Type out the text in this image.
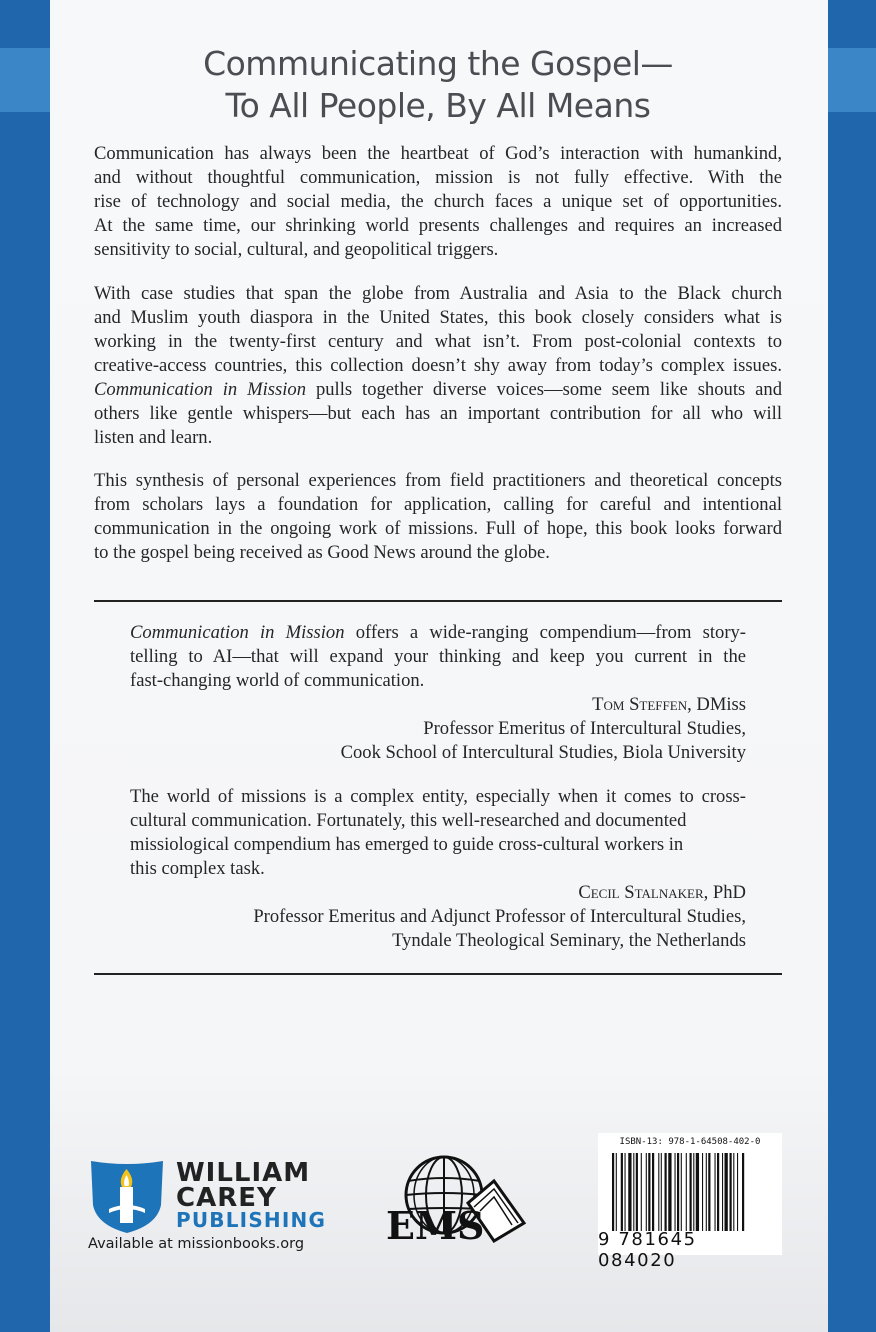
Communicating the Gospel—
To All People, By All Means
Communication has always been the heartbeat of God’s interaction with humankind,
and without thoughtful communication, mission is not fully effective. With the
rise of technology and social media, the church faces a unique set of opportunities.
At the same time, our shrinking world presents challenges and requires an increased
sensitivity to social, cultural, and geopolitical triggers.
With case studies that span the globe from Australia and Asia to the Black church
and Muslim youth diaspora in the United States, this book closely considers what is
working in the twenty-first century and what isn’t. From post-colonial contexts to
creative-access countries, this collection doesn’t shy away from today’s complex issues.
Communication in Mission pulls together diverse voices—some seem like shouts and
others like gentle whispers—but each has an important contribution for all who will
listen and learn.
This synthesis of personal experiences from field practitioners and theoretical concepts
from scholars lays a foundation for application, calling for careful and intentional
communication in the ongoing work of missions. Full of hope, this book looks forward
to the gospel being received as Good News around the globe.
Communication in Mission offers a wide-ranging compendium—from story-
telling to AI—that will expand your thinking and keep you current in the
fast-changing world of communication.
Tom Steffen, DMiss
Professor Emeritus of Intercultural Studies,
Cook School of Intercultural Studies, Biola University
The world of missions is a complex entity, especially when it comes to cross-
cultural communication. Fortunately, this well-researched and documented
missiological compendium has emerged to guide cross-cultural workers in
this complex task.
Cecil Stalnaker, PhD
Professor Emeritus and Adjunct Professor of Intercultural Studies,
Tyndale Theological Seminary, the Netherlands
WILLIAM
CAREY
PUBLISHING
Available at missionbooks.org EMS
ISBN-13: 978-1-64508-402-0
9 781645 084020
